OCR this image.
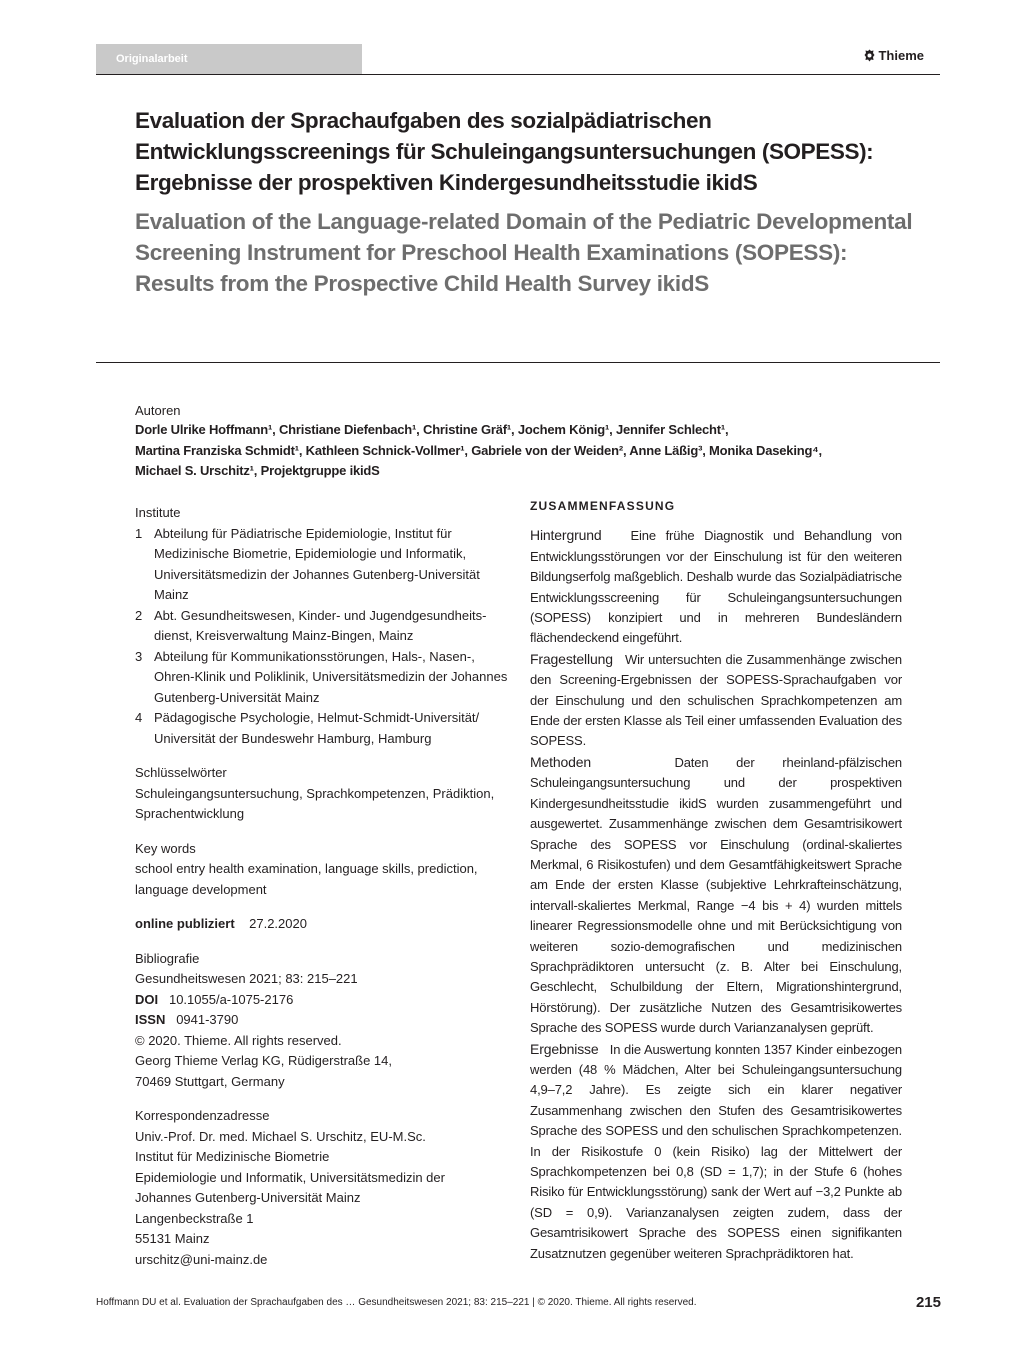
Originalarbeit	Thieme
Evaluation der Sprachaufgaben des sozialpädiatrischen Entwicklungsscreenings für Schuleingangsuntersuchungen (SOPESS): Ergebnisse der prospektiven Kindergesundheitsstudie ikidS
Evaluation of the Language-related Domain of the Pediatric Developmental Screening Instrument for Preschool Health Examinations (SOPESS): Results from the Prospective Child Health Survey ikidS
Autoren
Dorle Ulrike Hoffmann¹, Christiane Diefenbach¹, Christine Gräf¹, Jochem König¹, Jennifer Schlecht¹,
Martina Franziska Schmidt¹, Kathleen Schnick-Vollmer¹, Gabriele von der Weiden², Anne Läßig³, Monika Daseking⁴,
Michael S. Urschitz¹, Projektgruppe ikidS
Institute
1 Abteilung für Pädiatrische Epidemiologie, Institut für Medizinische Biometrie, Epidemiologie und Informatik, Universitätsmedizin der Johannes Gutenberg-Universität Mainz
2 Abt. Gesundheitswesen, Kinder- und Jugendgesundheits-dienst, Kreisverwaltung Mainz-Bingen, Mainz
3 Abteilung für Kommunikationsstörungen, Hals-, Nasen-, Ohren-Klinik und Poliklinik, Universitätsmedizin der Johannes Gutenberg-Universität Mainz
4 Pädagogische Psychologie, Helmut-Schmidt-Universität/ Universität der Bundeswehr Hamburg, Hamburg
Schlüsselwörter
Schuleingangsuntersuchung, Sprachkompetenzen, Prädiktion, Sprachentwicklung
Key words
school entry health examination, language skills, prediction, language development
online publiziert 27.2.2020
Bibliografie
Gesundheitswesen 2021; 83: 215–221
DOI 10.1055/a-1075-2176
ISSN 0941-3790
© 2020. Thieme. All rights reserved.
Georg Thieme Verlag KG, Rüdigerstraße 14,
70469 Stuttgart, Germany
Korrespondenzadresse
Univ.-Prof. Dr. med. Michael S. Urschitz, EU-M.Sc.
Institut für Medizinische Biometrie
Epidemiologie und Informatik, Universitätsmedizin der
Johannes Gutenberg-Universität Mainz
Langenbeckstraße 1
55131 Mainz
urschitz@uni-mainz.de
ZUSAMMENFASSUNG
Hintergrund Eine frühe Diagnostik und Behandlung von Entwicklungsstörungen vor der Einschulung ist für den weiteren Bildungserfolg maßgeblich. Deshalb wurde das Sozialpädiatrische Entwicklungsscreening für Schuleingangsuntersuchungen (SOPESS) konzipiert und in mehreren Bundesländern flächendeckend eingeführt.
Fragestellung Wir untersuchten die Zusammenhänge zwischen den Screening-Ergebnissen der SOPESS-Sprachaufgaben vor der Einschulung und den schulischen Sprachkompetenzen am Ende der ersten Klasse als Teil einer umfassenden Evaluation des SOPESS.
Methoden	Daten der rheinland-pfälzischen Schuleingangsuntersuchung und der prospektiven Kindergesundheitsstudie ikidS wurden zusammengeführt und ausgewertet. Zusammenhänge zwischen dem Gesamtrisikowert Sprache des SOPESS vor Einschulung (ordinal-skaliertes Merkmal, 6 Risikostufen) und dem Gesamtfähigkeitswert Sprache am Ende der ersten Klasse (subjektive Lehrkrafteinschätzung, intervall-skaliertes Merkmal, Range −4 bis + 4) wurden mittels linearer Regressionsmodelle ohne und mit Berücksichtigung von weiteren sozio-demografischen und medizinischen Sprachprädiktoren untersucht (z. B. Alter bei Einschulung, Geschlecht, Schulbildung der Eltern, Migrationshintergrund, Hörstörung). Der zusätzliche Nutzen des Gesamtrisikowertes Sprache des SOPESS wurde durch Varianzanalysen geprüft.
Ergebnisse In die Auswertung konnten 1357 Kinder einbezogen werden (48 % Mädchen, Alter bei Schuleingangsuntersuchung 4,9–7,2 Jahre). Es zeigte sich ein klarer negativer Zusammenhang zwischen den Stufen des Gesamtrisikowertes Sprache des SOPESS und den schulischen Sprachkompetenzen. In der Risikostufe 0 (kein Risiko) lag der Mittelwert der Sprachkompetenzen bei 0,8 (SD = 1,7); in der Stufe 6 (hohes Risiko für Entwicklungsstörung) sank der Wert auf −3,2 Punkte ab (SD = 0,9). Varianzanalysen zeigten zudem, dass der Gesamtrisikowert Sprache des SOPESS einen signifikanten Zusatznutzen gegenüber weiteren Sprachprädiktoren hat.
Hoffmann DU et al. Evaluation der Sprachaufgaben des … Gesundheitswesen 2021; 83: 215–221 | © 2020. Thieme. All rights reserved.	215
